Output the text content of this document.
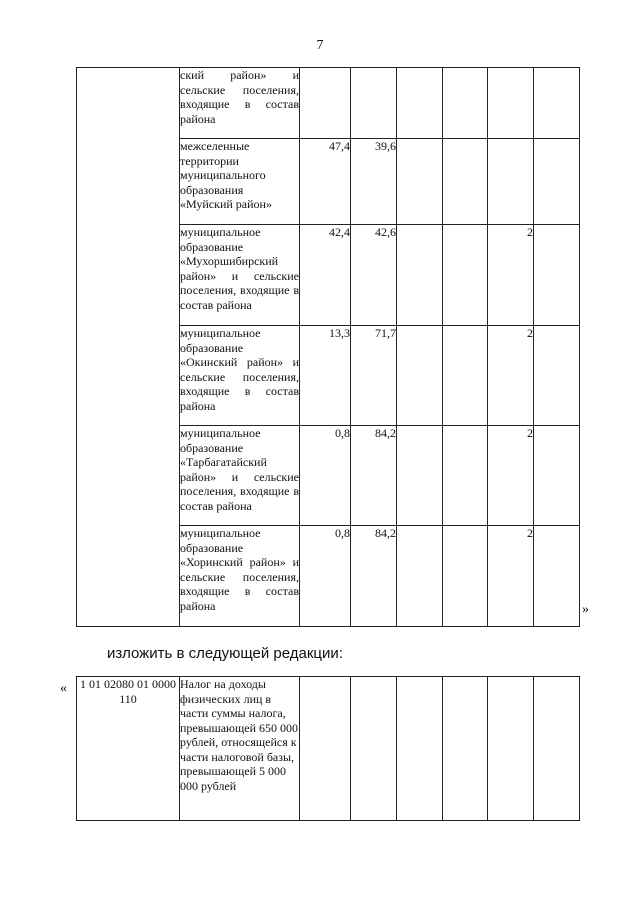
7
	ский район» и сельские поселения, входящие в состав района						
	межселенные территории муниципального образования «Муйский район»	47,4	39,6				
	муниципальное образование «Мухоршибирский район» и сельские поселения, входящие в состав района	42,4	42,6			2	
	муниципальное образование «Окинский район» и сельские поселения, входящие в состав района	13,3	71,7			2	
	муниципальное образование «Тарбагатайский район» и сельские поселения, входящие в состав района	0,8	84,2			2	
	муниципальное образование «Хоринский район» и сельские поселения, входящие в состав района	0,8	84,2			2	
»
изложить в следующей редакции:
« 1 01 02080 01 0000 110	Налог на доходы физических лиц в части суммы налога, превышающей 650 000 рублей, относящейся к части налоговой базы, превышающей 5 000 000 рублей						
